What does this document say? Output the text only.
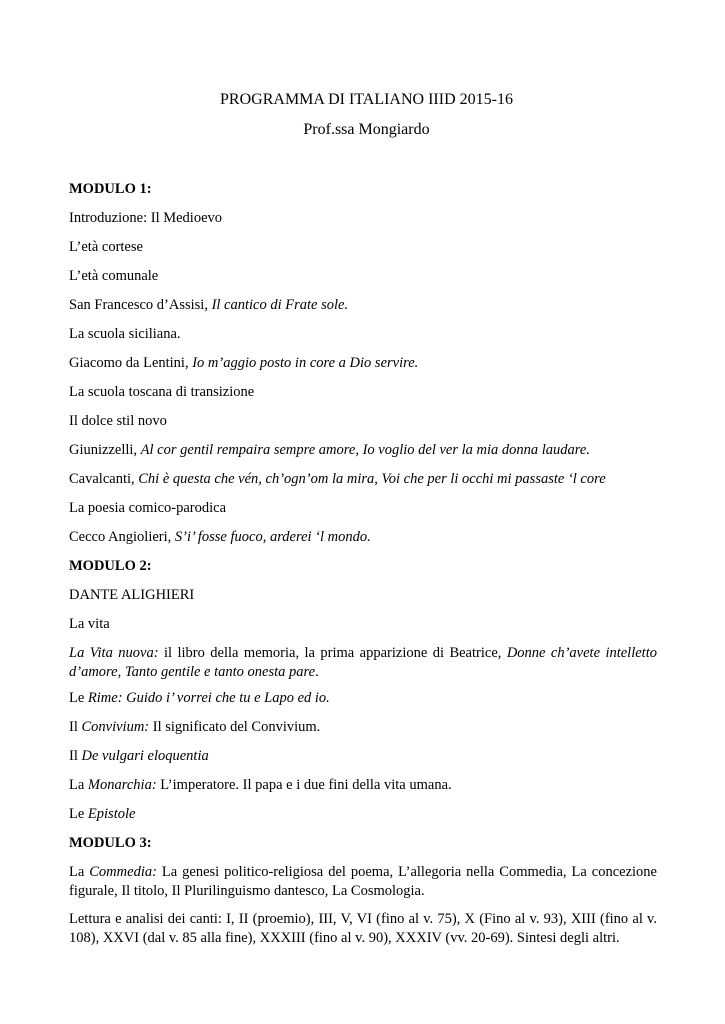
PROGRAMMA DI ITALIANO IIID 2015-16
Prof.ssa Mongiardo
MODULO 1:
Introduzione: Il Medioevo
L’età cortese
L’età comunale
San Francesco d’Assisi, Il cantico di Frate sole.
La scuola siciliana.
Giacomo da Lentini, Io m’aggio posto in core a Dio servire.
La scuola toscana di transizione
Il dolce stil novo
Giunizzelli, Al cor gentil rempaira sempre amore, Io voglio del ver la mia donna laudare.
Cavalcanti, Chi è questa che vén, ch’ogn’om la mira, Voi che per li occhi mi passaste ‘l core
La poesia comico-parodica
Cecco Angiolieri, S’i’ fosse fuoco, arderei ‘l mondo.
MODULO 2:
DANTE ALIGHIERI
La vita
La Vita nuova: il libro della memoria, la prima apparizione di Beatrice, Donne ch’avete intelletto d’amore, Tanto gentile e tanto onesta pare.
Le Rime: Guido i’ vorrei che tu e Lapo ed io.
Il Convivium: Il significato del Convivium.
Il De vulgari eloquentia
La Monarchia: L’imperatore. Il papa e i due fini della vita umana.
Le Epistole
MODULO 3:
La Commedia: La genesi politico-religiosa del poema, L’allegoria nella Commedia, La concezione figurale, Il titolo, Il Plurilinguismo dantesco, La Cosmologia.
Lettura e analisi dei canti: I, II (proemio), III, V, VI (fino al v. 75), X (Fino al v. 93), XIII (fino al v. 108), XXVI (dal v. 85 alla fine), XXXIII (fino al v. 90), XXXIV (vv. 20-69). Sintesi degli altri.
